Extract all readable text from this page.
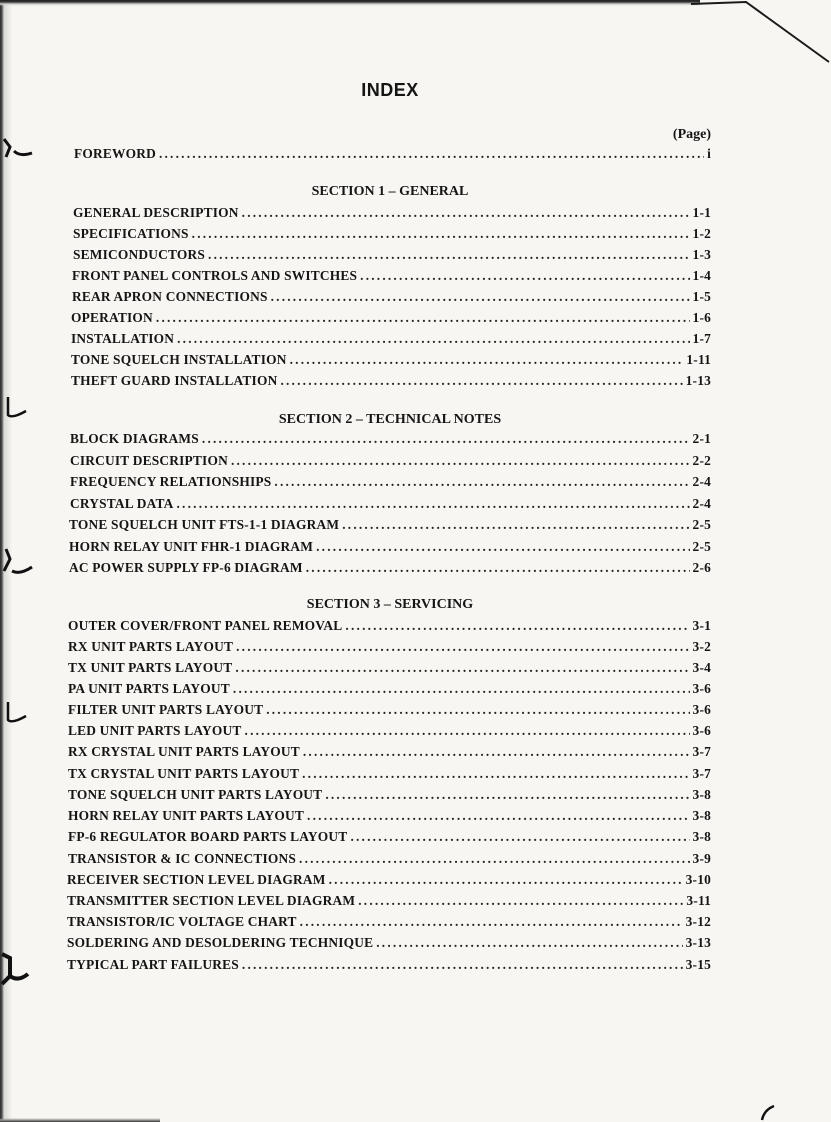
INDEX
(Page)
FOREWORD .....	i
SECTION 1 – GENERAL
GENERAL DESCRIPTION .....	1-1
SPECIFICATIONS .....	1-2
SEMICONDUCTORS .....	1-3
FRONT PANEL CONTROLS AND SWITCHES .....	1-4
REAR APRON CONNECTIONS .....	1-5
OPERATION .....	1-6
INSTALLATION .....	1-7
TONE SQUELCH INSTALLATION .....	1-11
THEFT GUARD INSTALLATION .....	1-13
SECTION 2 – TECHNICAL NOTES
BLOCK DIAGRAMS .....	2-1
CIRCUIT DESCRIPTION .....	2-2
FREQUENCY RELATIONSHIPS .....	2-4
CRYSTAL DATA .....	2-4
TONE SQUELCH UNIT FTS-1-1 DIAGRAM .....	2-5
HORN RELAY UNIT FHR-1 DIAGRAM .....	2-5
AC POWER SUPPLY FP-6 DIAGRAM .....	2-6
SECTION 3 – SERVICING
OUTER COVER/FRONT PANEL REMOVAL .....	3-1
RX UNIT PARTS LAYOUT .....	3-2
TX UNIT PARTS LAYOUT .....	3-4
PA UNIT PARTS LAYOUT .....	3-6
FILTER UNIT PARTS LAYOUT .....	3-6
LED UNIT PARTS LAYOUT .....	3-6
RX CRYSTAL UNIT PARTS LAYOUT .....	3-7
TX CRYSTAL UNIT PARTS LAYOUT .....	3-7
TONE SQUELCH UNIT PARTS LAYOUT .....	3-8
HORN RELAY UNIT PARTS LAYOUT .....	3-8
FP-6 REGULATOR BOARD PARTS LAYOUT .....	3-8
TRANSISTOR & IC CONNECTIONS .....	3-9
RECEIVER SECTION LEVEL DIAGRAM .....	3-10
TRANSMITTER SECTION LEVEL DIAGRAM .....	3-11
TRANSISTOR/IC VOLTAGE CHART .....	3-12
SOLDERING AND DESOLDERING TECHNIQUE .....	3-13
TYPICAL PART FAILURES .....	3-15
